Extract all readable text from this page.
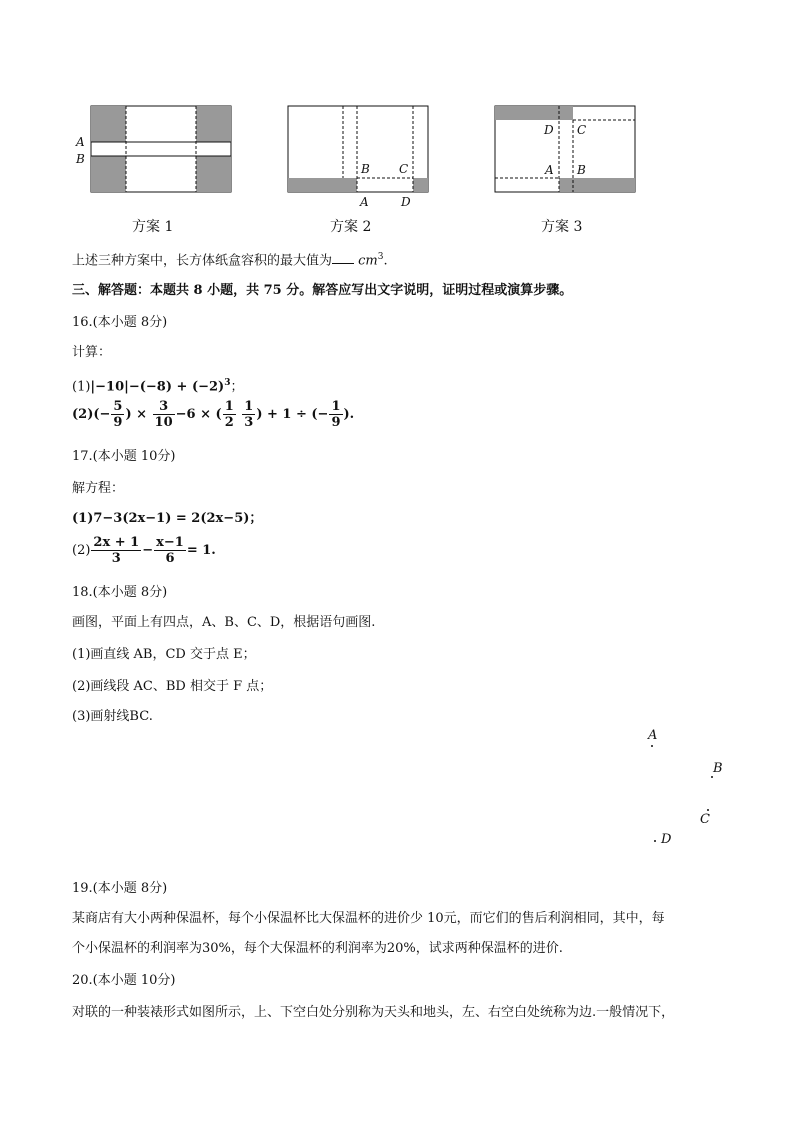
A
B
方案 1
B C
A	D
方案 2
D C
A B
方案 3
上述三种方案中，长方体纸盒容积的最大值为 $cm^3$.
三、解答题：本题共 8 小题，共 75 分。解答应写出文字说明，证明过程或演算步骤。
16.(本小题 8分)
计算：
$(1)|-10|-(-8) + (-2)^3$；
$(2)(- \frac{5}{9}$ ) × $\frac{3}{10} -6$ × ( $\frac{1}{2}$
$\frac{1}{3}$ ) + 1 ÷ (− $\frac{1}{9}$ ).
17.(本小题 10分)
解方程：
(1)7−3(2x−1) = 2(2x−5)；
$(2) \frac{2x + 1}{3} - \frac{x-1}{6} = 1$.
18.(本小题 8分)
画图，平面上有四点，A、B、C、D，根据语句画图.
(1)画直线 AB，CD 交于点 E；
(2)画线段 AC、BD 相交于 F 点；
(3)画射线BC.
A
B
C
D
19.(本小题 8分)
某商店有大小两种保温杯，每个小保温杯比大保温杯的进价少 10元，而它们的售后利润相同，其中，每
个小保温杯的利润率为30%，每个大保温杯的利润率为20%，试求两种保温杯的进价.
20.(本小题 10分)
对联的一种装裱形式如图所示，上、下空白处分别称为天头和地头，左、右空白处统称为边.一般情况下，
